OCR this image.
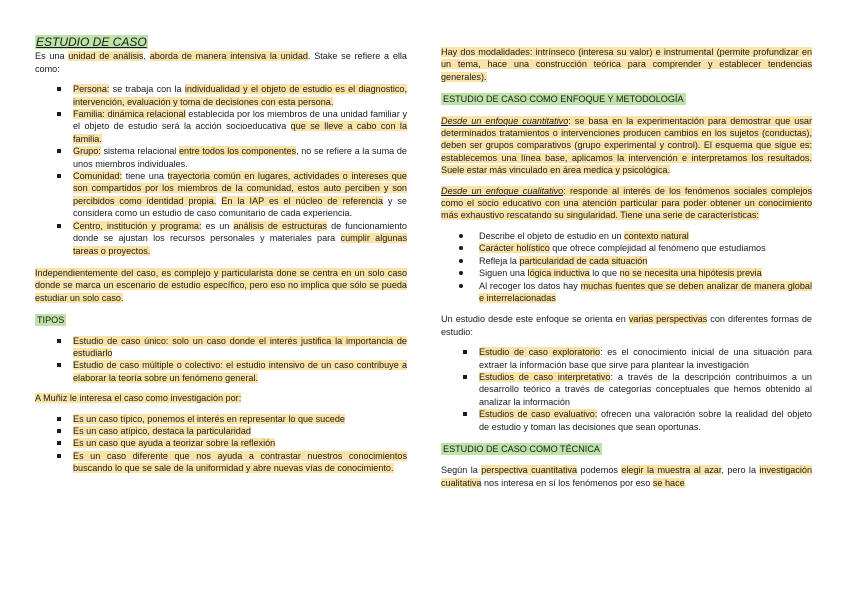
ESTUDIO DE CASO

Es una unidad de análisis, aborda de manera intensiva la unidad. Stake se refiere a ella como:

Persona: se trabaja con la individualidad y el objeto de estudio es el diagnostico, intervención, evaluación y toma de decisiones con esta persona.
Familia: dinámica relacional establecida por los miembros de una unidad familiar y el objeto de estudio será la acción socioeducativa que se lleve a cabo con la familia.
Grupo: sistema relacional entre todos los componentes, no se refiere a la suma de unos miembros individuales.
Comunidad: tiene una trayectoria común en lugares, actividades o intereses que son compartidos por los miembros de la comunidad, estos auto perciben y son percibidos como identidad propia. En la IAP es el núcleo de referencia y se considera como un estudio de caso comunitario de cada experiencia.
Centro, institución y programa: es un análisis de estructuras de funcionamiento donde se ajustan los recursos personales y materiales para cumplir algunas tareas o proyectos.

Independientemente del caso, es complejo y particularista done se centra en un solo caso donde se marca un escenario de estudio específico, pero eso no implica que sólo se pueda estudiar un solo caso.

TIPOS
Estudio de caso único: solo un caso donde el interés justifica la importancia de estudiarlo
Estudio de caso múltiple o colectivo: el estudio intensivo de un caso contribuye a elaborar la teoría sobre un fenómeno general.

A Muñiz le interesa el caso como investigación por:

Es un caso típico, ponemos el interés en representar lo que sucede
Es un caso atípico, destaca la particularidad
Es un caso que ayuda a teorizar sobre la reflexión
Es un caso diferente que nos ayuda a contrastar nuestros conocimientos buscando lo que se sale de la uniformidad y abre nuevas vías de conocimiento.

Hay dos modalidades: intrínseco (interesa su valor) e instrumental (permite profundizar en un tema, hace una construcción teórica para comprender y establecer tendencias generales).

ESTUDIO DE CASO COMO ENFOQUE Y METODOLOGÍA

Desde un enfoque cuantitativo: se basa en la experimentación para demostrar que usar determinados tratamientos o intervenciones producen cambios en los sujetos (conductas), deben ser grupos comparativos (grupo experimental y control). El esquema que sigue es: establecemos una línea base, aplicamos la intervención e interpretamos los resultados. Suele estar más vinculado en área medica y psicológica.

Desde un enfoque cualitativo: responde al interés de los fenómenos sociales complejos como el socio educativo con una atención particular para poder obtener un conocimiento más exhaustivo rescatando su singularidad. Tiene una serie de características:

Describe el objeto de estudio en un contexto natural
Carácter holístico que ofrece complejidad al fenómeno que estudiamos
Refleja la particularidad de cada situación
Siguen una lógica inductiva lo que no se necesita una hipótesis previa
Al recoger los datos hay muchas fuentes que se deben analizar de manera global e interrelacionadas

Un estudio desde este enfoque se orienta en varias perspectivas con diferentes formas de estudio:

Estudio de caso exploratorio: es el conocimiento inicial de una situación para extraer la información base que sirve para plantear la investigación
Estudios de caso interpretativo: a través de la descripción contribuimos a un desarrollo teórico a través de categorías conceptuales que hemos obtenido al analizar la información
Estudios de caso evaluativo: ofrecen una valoración sobre la realidad del objeto de estudio y toman las decisiones que sean oportunas.
ESTUDIO DE CASO COMO TÉCNICA

Según la perspectiva cuantitativa podemos elegir la muestra al azar, pero la investigación cualitativa nos interesa en sí los fenómenos por eso se hace
